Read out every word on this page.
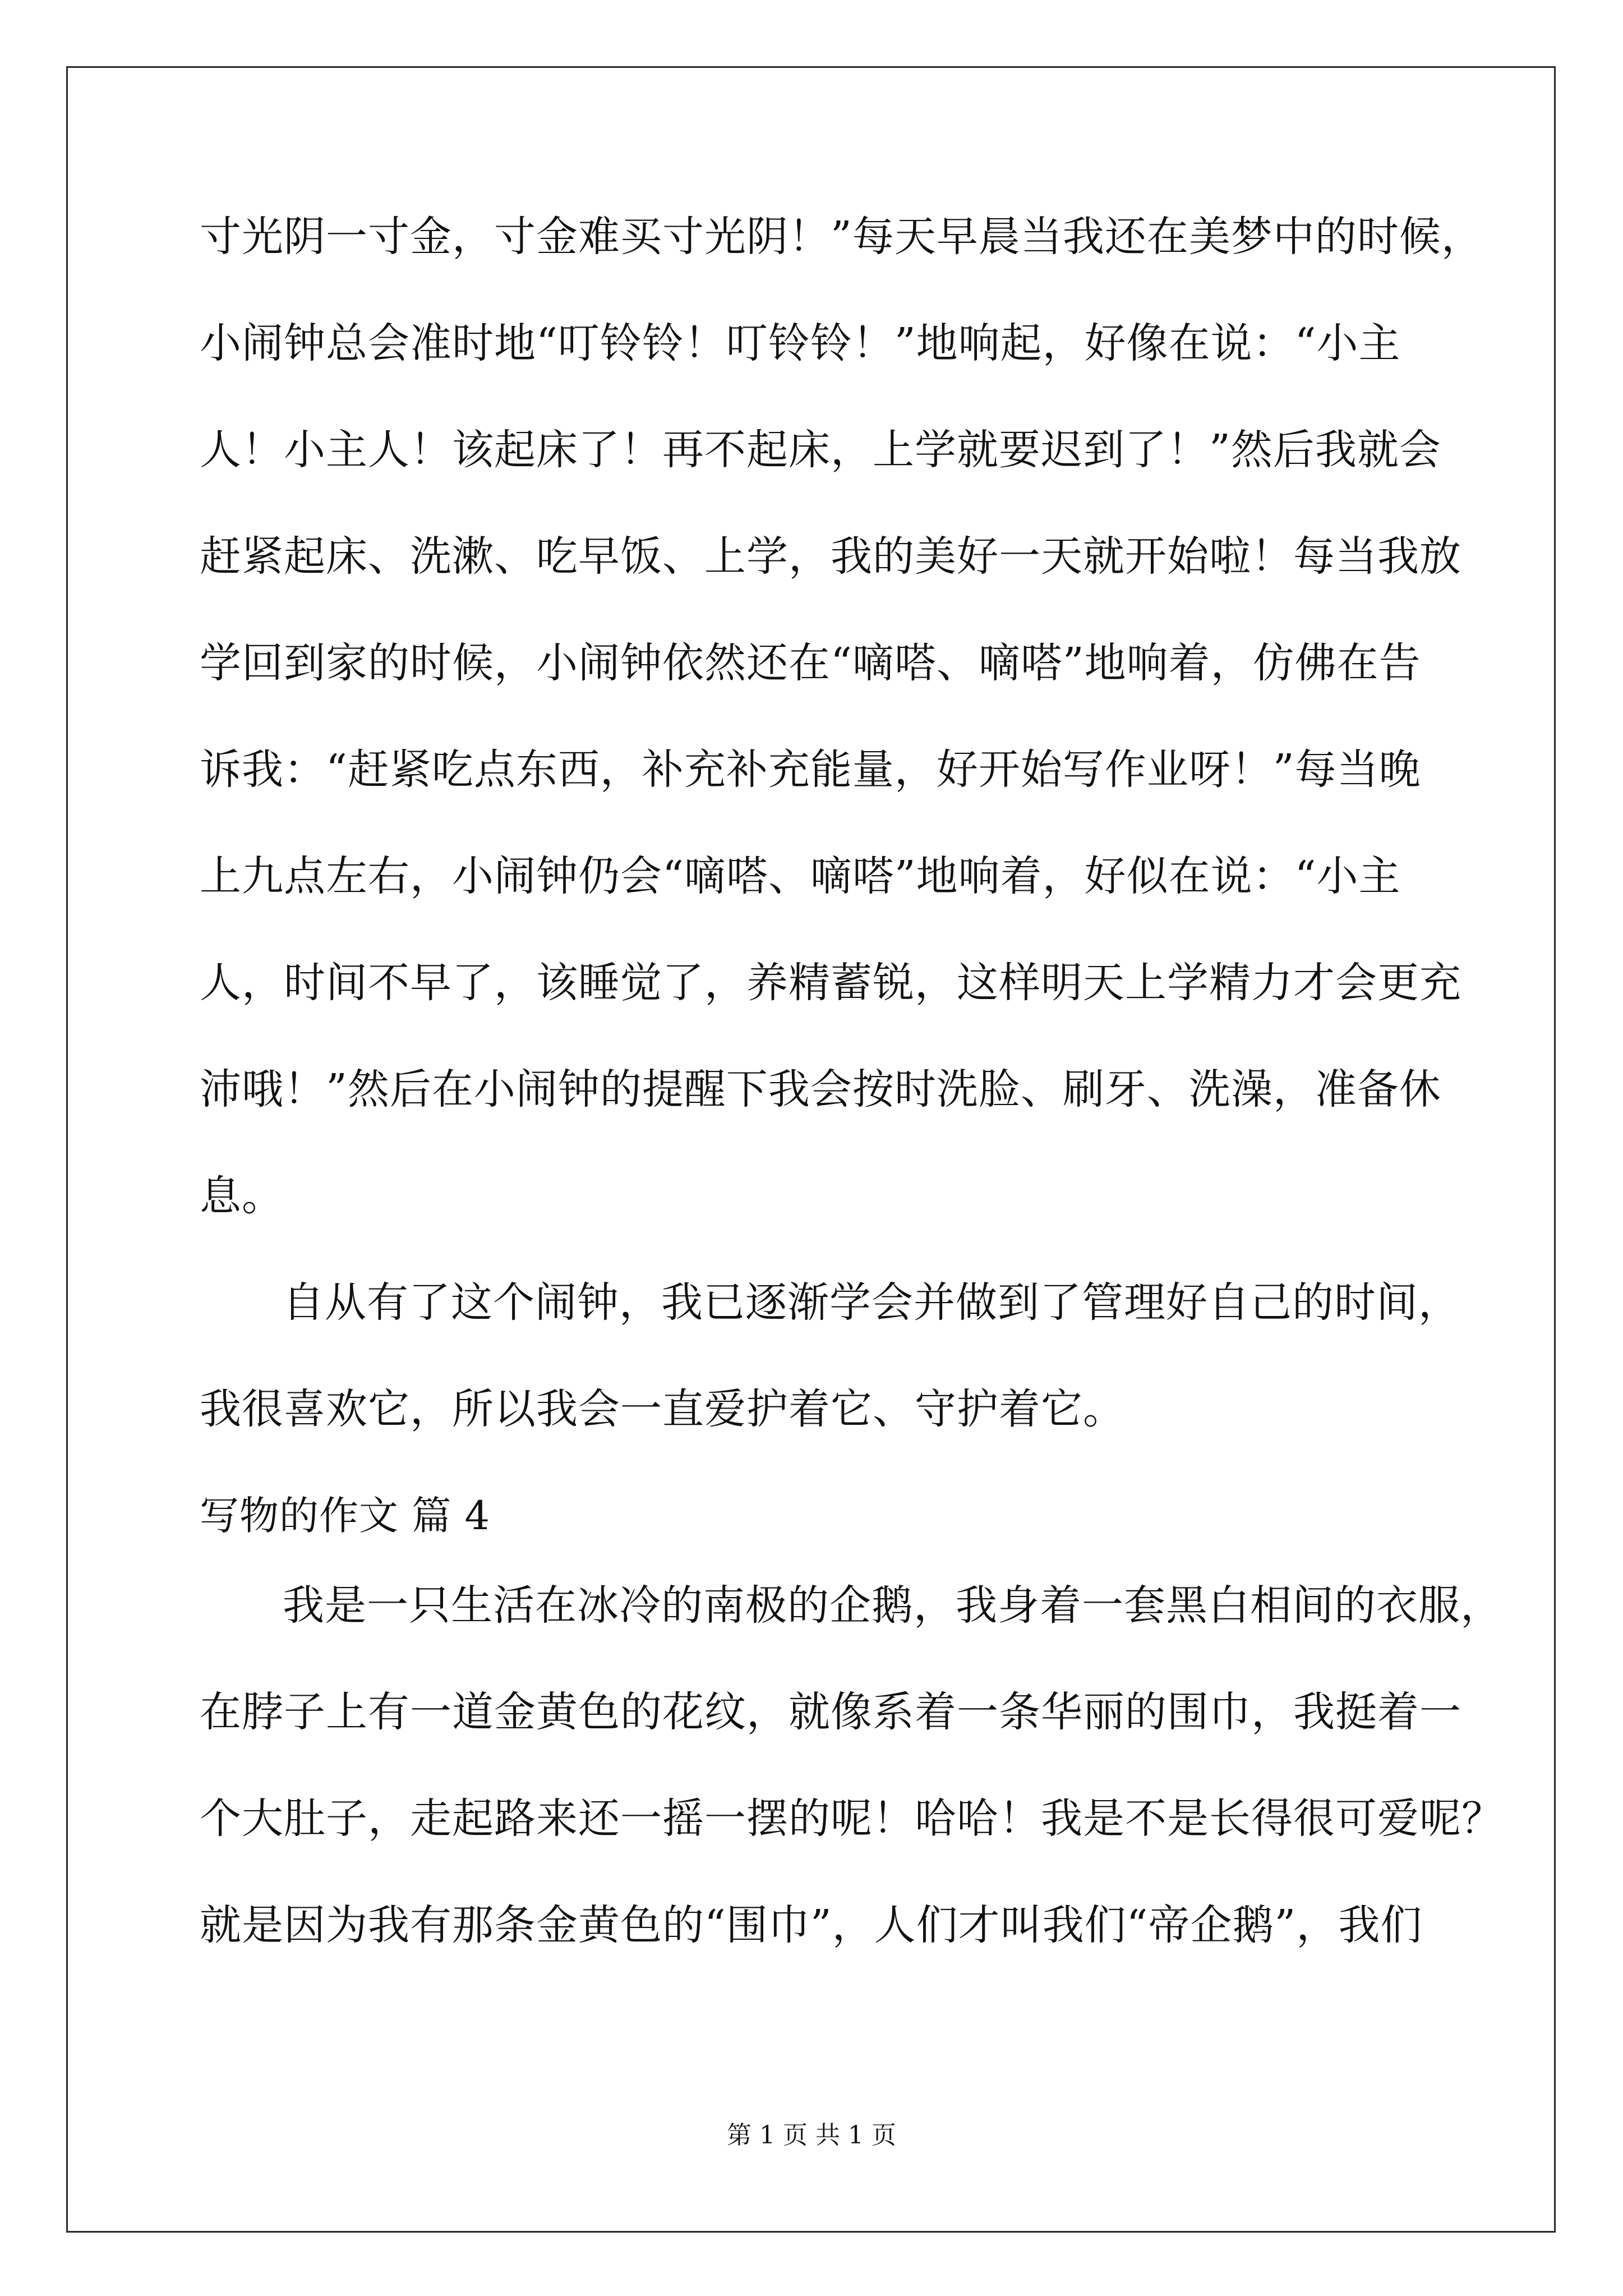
寸光阴一寸金，寸金难买寸光阴！”每天早晨当我还在美梦中的时候，
小闹钟总会准时地“叮铃铃！叮铃铃！”地响起，好像在说：“小主
人！小主人！该起床了！再不起床，上学就要迟到了！”然后我就会
赶紧起床、洗漱、吃早饭、上学，我的美好一天就开始啦！每当我放
学回到家的时候，小闹钟依然还在“嘀嗒、嘀嗒”地响着，仿佛在告
诉我：“赶紧吃点东西，补充补充能量，好开始写作业呀！”每当晚
上九点左右，小闹钟仍会“嘀嗒、嘀嗒”地响着，好似在说：“小主
人，时间不早了，该睡觉了，养精蓄锐，这样明天上学精力才会更充
沛哦！”然后在小闹钟的提醒下我会按时洗脸、刷牙、洗澡，准备休
息。
自从有了这个闹钟，我已逐渐学会并做到了管理好自己的时间，
我很喜欢它，所以我会一直爱护着它、守护着它。
写物的作文 篇 4
我是一只生活在冰冷的南极的企鹅，我身着一套黑白相间的衣服，
在脖子上有一道金黄色的花纹，就像系着一条华丽的围巾，我挺着一
个大肚子，走起路来还一摇一摆的呢！哈哈！我是不是长得很可爱呢？
就是因为我有那条金黄色的“围巾”，人们才叫我们“帝企鹅”，我们
第 1 页 共 1 页
